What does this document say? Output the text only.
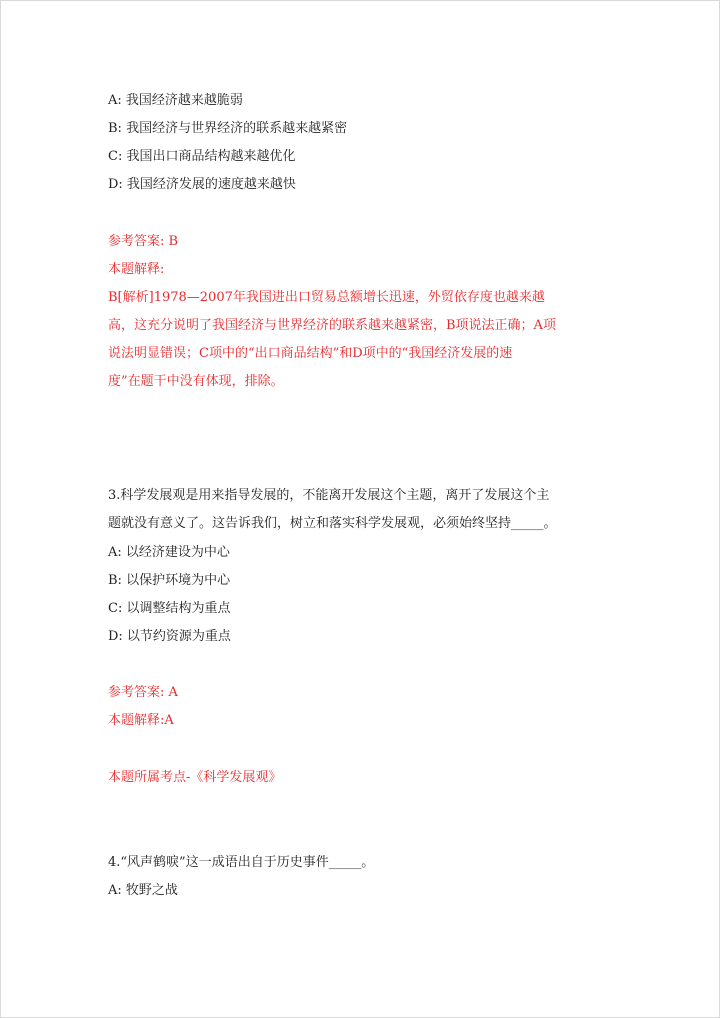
A: 我国经济越来越脆弱
B: 我国经济与世界经济的联系越来越紧密
C: 我国出口商品结构越来越优化
D: 我国经济发展的速度越来越快
参考答案: B
本题解释:
B[解析]1978—2007年我国进出口贸易总额增长迅速，外贸依存度也越来越
高，这充分说明了我国经济与世界经济的联系越来越紧密，B项说法正确；A项
说法明显错误；C项中的“出口商品结构”和D项中的“我国经济发展的速
度”在题干中没有体现，排除。
3.科学发展观是用来指导发展的，不能离开发展这个主题，离开了发展这个主
题就没有意义了。这告诉我们，树立和落实科学发展观，必须始终坚持_____。
A: 以经济建设为中心
B: 以保护环境为中心
C: 以调整结构为重点
D: 以节约资源为重点
参考答案: A
本题解释:A
本题所属考点-《科学发展观》
4.“风声鹤唳”这一成语出自于历史事件_____。
A: 牧野之战
